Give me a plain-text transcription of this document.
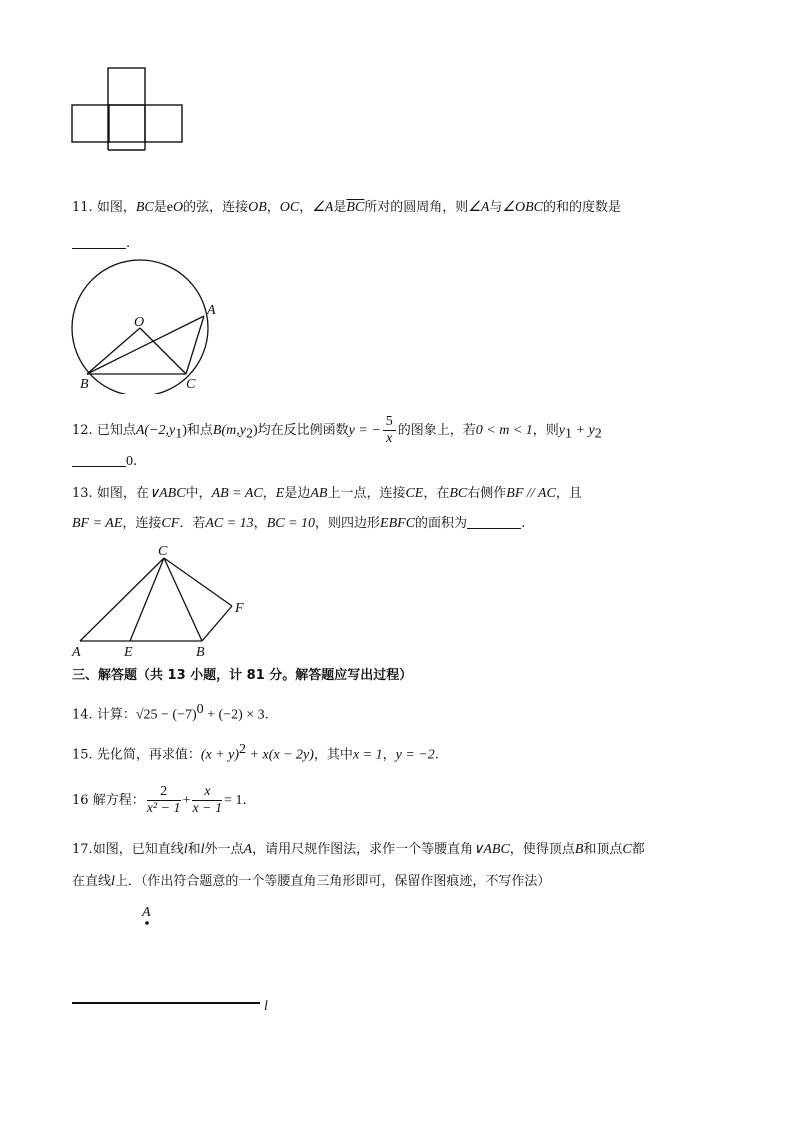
11. 如图，BC是eO的弦，连接OB，OC，∠A是$\overline{BC}$所对的圆周角，则∠A与∠OBC的和的度数是
.
O
A
B	C
12. 已知点$A(-2,y_1)$和点$B(m,y_2)$均在反比例函数y = − $\frac{5}{x}$ 的图象上，若0 < m < 1，则$y_1 + y_2$
0.
13. 如图，在∨ABC中，AB = AC，E是边AB上一点，连接CE，在BC右侧作BF // AC，且
BF = AE，连接CF．若AC = 13，BC = 10，则四边形EBFC的面积为	.
C
F
A	E	B
三、解答题（共 13 小题，计 81 分。解答题应写出过程）
14. 计算：$√25 - (-7)^0 + (-2) \times 3$.
15. 先化简，再求值：$(x + y)^2 + x(x - 2y)$，其中x = 1，y = −2.
16 解方程： $\frac{2}{\text{x² − 1}} + \frac{x}{x - 1} = 1$.
17.如图，已知直线l和l外一点A，请用尺规作图法，求作一个等腰直角∨ABC，使得顶点B和顶点C都
在直线l上．（作出符合题意的一个等腰直角三角形即可，保留作图痕迹，不写作法）
A
l
